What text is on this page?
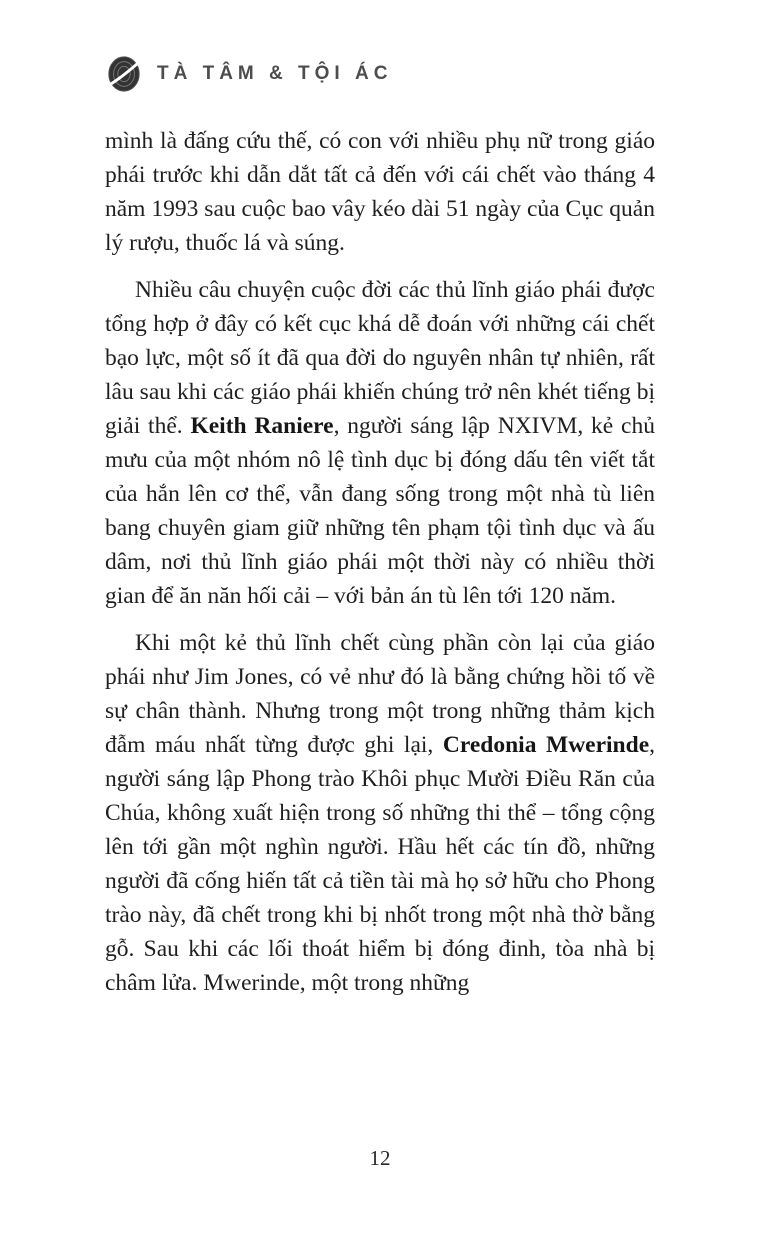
TÀ TÂM & TỘI ÁC

mình là đấng cứu thế, có con với nhiều phụ nữ trong giáo phái trước khi dẫn dắt tất cả đến với cái chết vào tháng 4 năm 1993 sau cuộc bao vây kéo dài 51 ngày của Cục quản lý rượu, thuốc lá và súng.

Nhiều câu chuyện cuộc đời các thủ lĩnh giáo phái được tổng hợp ở đây có kết cục khá dễ đoán với những cái chết bạo lực, một số ít đã qua đời do nguyên nhân tự nhiên, rất lâu sau khi các giáo phái khiến chúng trở nên khét tiếng bị giải thể. Keith Raniere, người sáng lập NXIVM, kẻ chủ mưu của một nhóm nô lệ tình dục bị đóng dấu tên viết tắt của hắn lên cơ thể, vẫn đang sống trong một nhà tù liên bang chuyên giam giữ những tên phạm tội tình dục và ấu dâm, nơi thủ lĩnh giáo phái một thời này có nhiều thời gian để ăn năn hối cải – với bản án tù lên tới 120 năm.

Khi một kẻ thủ lĩnh chết cùng phần còn lại của giáo phái như Jim Jones, có vẻ như đó là bằng chứng hồi tố về sự chân thành. Nhưng trong một trong những thảm kịch đẫm máu nhất từng được ghi lại, Credonia Mwerinde, người sáng lập Phong trào Khôi phục Mười Điều Răn của Chúa, không xuất hiện trong số những thi thể – tổng cộng lên tới gần một nghìn người. Hầu hết các tín đồ, những người đã cống hiến tất cả tiền tài mà họ sở hữu cho Phong trào này, đã chết trong khi bị nhốt trong một nhà thờ bằng gỗ. Sau khi các lối thoát hiểm bị đóng đinh, tòa nhà bị châm lửa. Mwerinde, một trong những

12
